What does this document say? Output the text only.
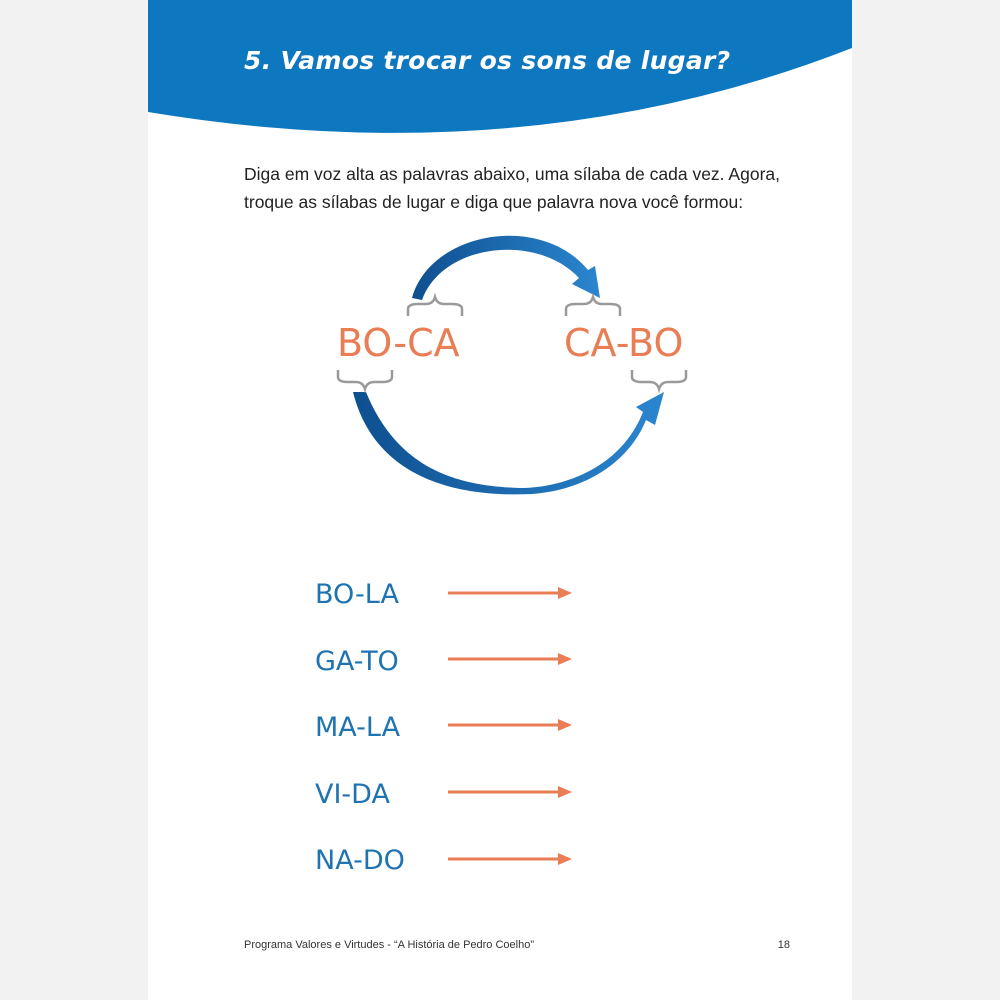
5. Vamos trocar os sons de lugar?

Diga em voz alta as palavras abaixo, uma sílaba de cada vez. Agora, troque as sílabas de lugar e diga que palavra nova você formou:

BO-CA	CA-BO
BO-LA
GA-TO
MA-LA
VI-DA
NA-DO
Programa Valores e Virtudes - “A História de Pedro Coelho”	18
